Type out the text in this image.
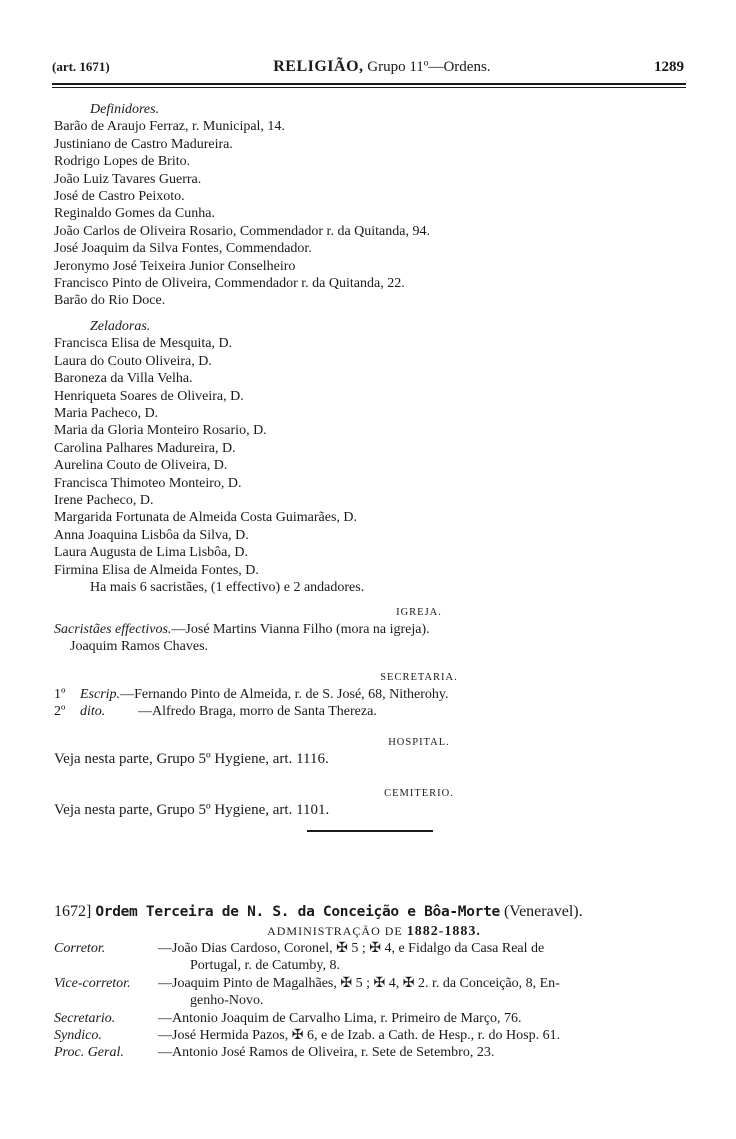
(art. 1671)	RELIGIÃO, Grupo 11º—Ordens.	1289
Definidores.
Barão de Araujo Ferraz, r. Municipal, 14.
Justiniano de Castro Madureira.
Rodrigo Lopes de Brito.
João Luiz Tavares Guerra.
José de Castro Peixoto.
Reginaldo Gomes da Cunha.
João Carlos de Oliveira Rosario, Commendador r. da Quitanda, 94.
José Joaquim da Silva Fontes, Commendador.
Jeronymo José Teixeira Junior Conselheiro
Francisco Pinto de Oliveira, Commendador r. da Quitanda, 22.
Barão do Rio Doce.
Zeladoras.
Francisca Elisa de Mesquita, D.
Laura do Couto Oliveira, D.
Baroneza da Villa Velha.
Henriqueta Soares de Oliveira, D.
Maria Pacheco, D.
Maria da Gloria Monteiro Rosario, D.
Carolina Palhares Madureira, D.
Aurelina Couto de Oliveira, D.
Francisca Thimoteo Monteiro, D.
Irene Pacheco, D.
Margarida Fortunata de Almeida Costa Guimarães, D.
Anna Joaquina Lisbôa da Silva, D.
Laura Augusta de Lima Lisbôa, D.
Firmina Elisa de Almeida Fontes, D.
Ha mais 6 sacristães, (1 effectivo) e 2 andadores.
IGREJA.
Sacristães effectivos.—José Martins Vianna Filho (mora na igreja).
Joaquim Ramos Chaves.
SECRETARIA.
1º Escrip.—Fernando Pinto de Almeida, r. de S. José, 68, Nitherohy.
2º dito. —Alfredo Braga, morro de Santa Thereza.
HOSPITAL.
Veja nesta parte, Grupo 5º Hygiene, art. 1116.
CEMITERIO.
Veja nesta parte, Grupo 5º Hygiene, art. 1101.
1672] Ordem Terceira de N. S. da Conceição e Bôa-Morte (Veneravel).
ADMINISTRAÇÃO DE 1882-1883.
Corretor.	—João Dias Cardoso, Coronel, ✠ 5 ; ✠ 4, e Fidalgo da Casa Real de
Portugal, r. de Catumby, 8.
Vice-corretor.	—Joaquim Pinto de Magalhães, ✠ 5 ; ✠ 4, ✠ 2. r. da Conceição, 8, En-
genho-Novo.
Secretario.	—Antonio Joaquim de Carvalho Lima, r. Primeiro de Março, 76.
Syndico.	—José Hermida Pazos, ✠ 6, e de Izab. a Cath. de Hesp., r. do Hosp. 61.
Proc. Geral.	—Antonio José Ramos de Oliveira, r. Sete de Setembro, 23.
